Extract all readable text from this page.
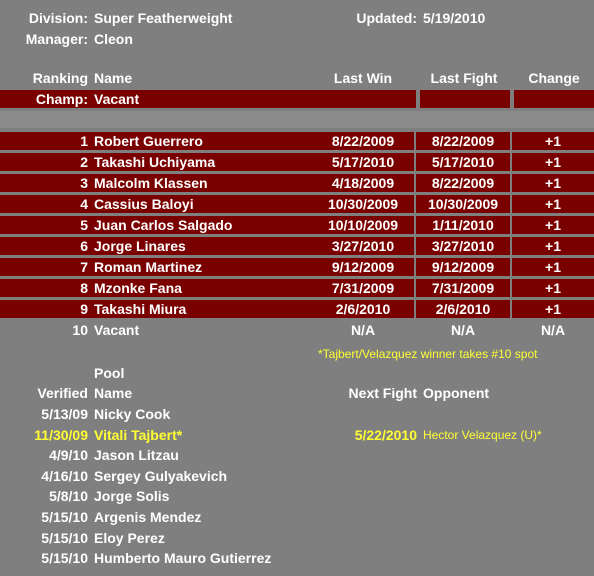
Division: Super Featherweight	Updated: 5/19/2010
Manager: Cleon
Ranking Name	Last Win	Last Fight	Change
Champ: Vacant
1 Robert Guerrero	8/22/2009	8/22/2009	+1
2 Takashi Uchiyama	5/17/2010	5/17/2010	+1
3 Malcolm Klassen	4/18/2009	8/22/2009	+1
4 Cassius Baloyi	10/30/2009	10/30/2009	+1
5 Juan Carlos Salgado	10/10/2009	1/11/2010	+1
6 Jorge Linares	3/27/2010	3/27/2010	+1
7 Roman Martinez	9/12/2009	9/12/2009	+1
8 Mzonke Fana	7/31/2009	7/31/2009	+1
9 Takashi Miura	2/6/2010	2/6/2010	+1
10 Vacant	N/A	N/A	N/A
*Tajbert/Velazquez winner takes #10 spot
Pool
Verified Name	Next Fight Opponent
5/13/09 Nicky Cook
11/30/09 Vitali Tajbert*	5/22/2010 Hector Velazquez (U)*
4/9/10 Jason Litzau
4/16/10 Sergey Gulyakevich
5/8/10 Jorge Solis
5/15/10 Argenis Mendez
5/15/10 Eloy Perez
5/15/10 Humberto Mauro Gutierrez
